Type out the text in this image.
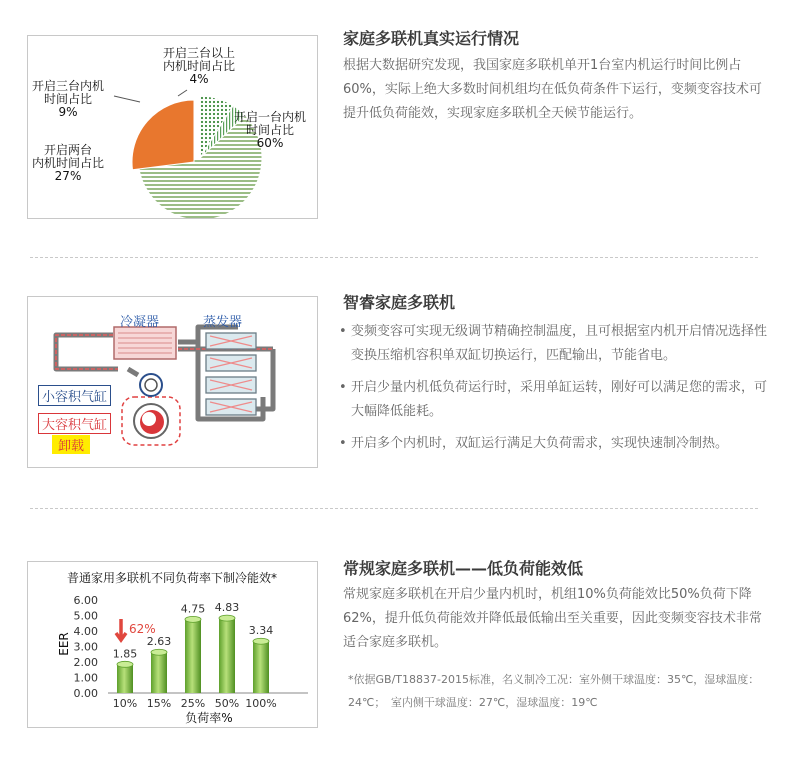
开启三台以上
内机时间占比
4%
开启三台内机
时间占比
9%	开启一台内机
时间占比
60%
开启两台
内机时间占比
27%
家庭多联机真实运行情况
根据大数据研究发现，我国家庭多联机单开1台室内机运行时间比例占60%，实际上绝大多数时间机组均在低负荷条件下运行，变频变容技术可提升低负荷能效，实现家庭多联机全天候节能运行。
冷凝器	蒸发器
小容积气缸
大容积气缸
卸载
智睿家庭多联机
• 变频变容可实现无级调节精确控制温度，且可根据室内机开启情况选择性变换压缩机容积单双缸切换运行，匹配输出，节能省电。
• 开启少量内机低负荷运行时，采用单缸运转，刚好可以满足您的需求，可大幅降低能耗。
• 开启多个内机时，双缸运行满足大负荷需求，实现快速制冷制热。
普通家用多联机不同负荷率下制冷能效*
EER
负荷率%
0.00
1.00
2.00
3.00
4.00
5.00
6.00
1.85
10%
2.63
15%
4.75
25%
4.83
50%
3.34
100%
62%
常规家庭多联机——低负荷能效低
常规家庭多联机在开启少量内机时，机组10%负荷能效比50%负荷下降62%，提升低负荷能效并降低最低输出至关重要，因此变频变容技术非常适合家庭多联机。
*依据GB/T18837-2015标准，名义制冷工况：室外侧干球温度：35℃，湿球温度：24℃；　室内侧干球温度：27℃，湿球温度：19℃
